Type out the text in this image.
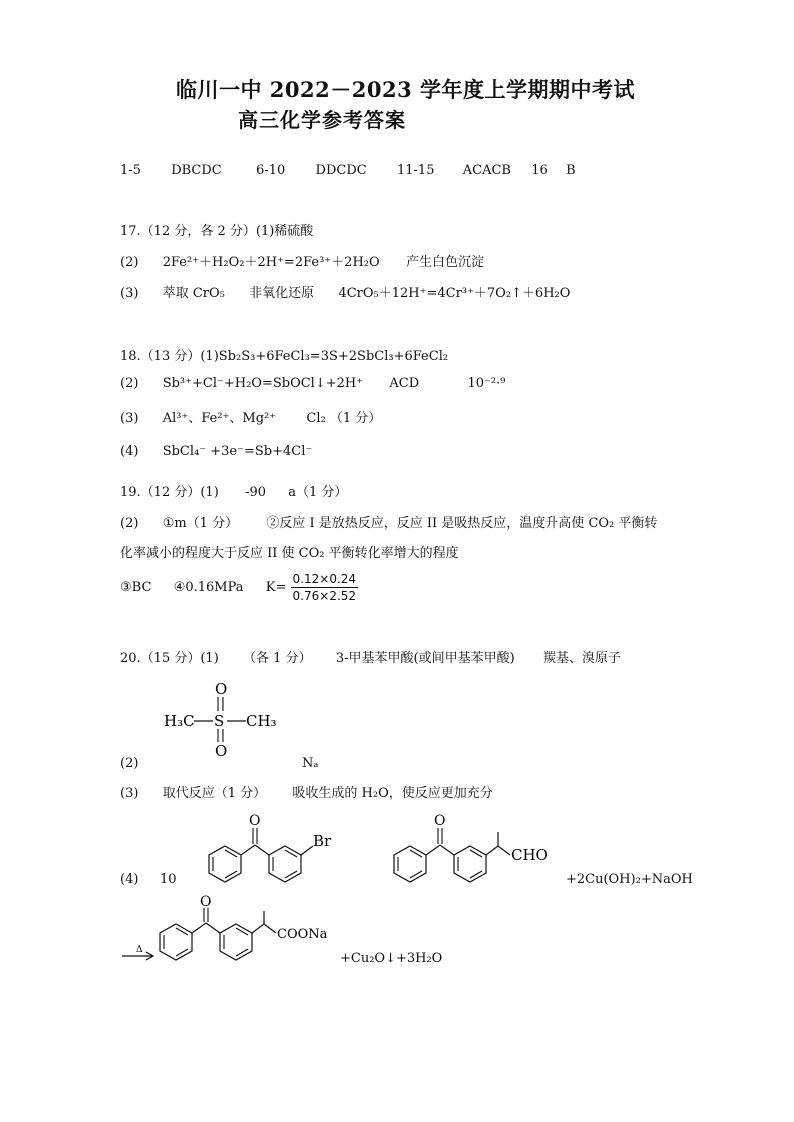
临川一中 2022－2023 学年度上学期期中考试
高三化学参考答案
1-5 DBCDC	6-10 DDCDC 11-15 ACACB 16 B
17.（12 分，各 2 分）(1)稀硫酸
(2) 2Fe²⁺＋H₂O₂＋2H⁺=2Fe³⁺＋2H₂O 产生白色沉淀
(3) 萃取 CrO₅ 非氧化还原 4CrO₅＋12H⁺=4Cr³⁺＋7O₂↑＋6H₂O
18.（13 分）(1)Sb₂S₃+6FeCl₃=3S+2SbCl₃+6FeCl₂
(2) Sb³⁺+Cl⁻+H₂O=SbOCl↓+2H⁺ ACD	10⁻²·⁹
(3) Al³⁺、Fe²⁺、Mg²⁺ Cl₂ （1 分）
(4) SbCl₄⁻ +3e⁻=Sb+4Cl⁻
19.（12 分）(1) -90 a（1 分）
(2) ①m（1 分） ②反应 I 是放热反应，反应 II 是吸热反应，温度升高使 CO₂ 平衡转
化率减小的程度大于反应 II 使 CO₂ 平衡转化率增大的程度
③BC ④0.16MPa $K= \frac{0.12\times 0.24}{0.76\times 2.52}$
20.（15 分）(1) （各 1 分） 3-甲基苯甲酸(或间甲基苯甲酸) 羰基、溴原子
H₃C S CH₃
O
O
(2)	Nₐ
(3) 取代反应（1 分） 吸收生成的 H₂O，使反应更加充分
O
Br
O
CHO
(4) 10	+2Cu(OH)₂+NaOH
Δ
O
COONa
+Cu₂O↓+3H₂O
